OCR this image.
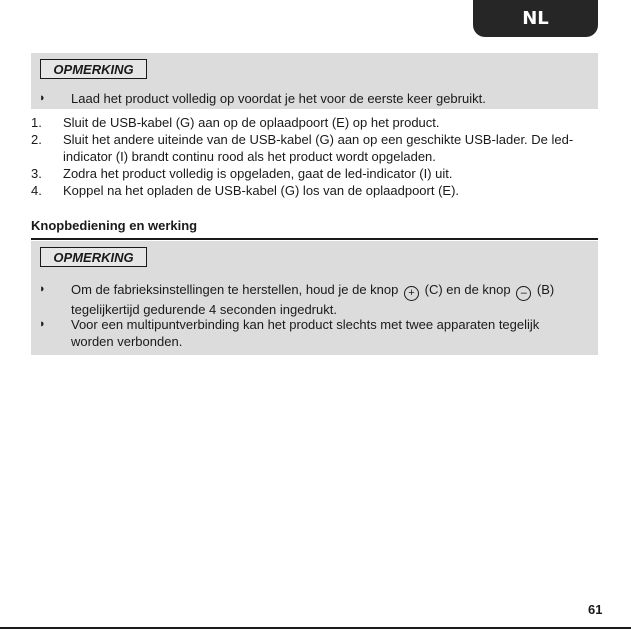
NL
OPMERKING
◗	Laad het product volledig op voordat je het voor de eerste keer gebruikt.
1.	Sluit de USB-kabel (G) aan op de oplaadpoort (E) op het product.
2.	Sluit het andere uiteinde van de USB-kabel (G) aan op een geschikte USB-lader. De led-indicator (I) brandt continu rood als het product wordt opgeladen.
3.	Zodra het product volledig is opgeladen, gaat de led-indicator (I) uit.
4.	Koppel na het opladen de USB-kabel (G) los van de oplaadpoort (E).
Knopbediening en werking
OPMERKING
◗	Om de fabrieksinstellingen te herstellen, houd je de knop + (C) en de knop – (B) tegelijkertijd gedurende 4 seconden ingedrukt.
◗	Voor een multipuntverbinding kan het product slechts met twee apparaten tegelijk worden verbonden.
61
